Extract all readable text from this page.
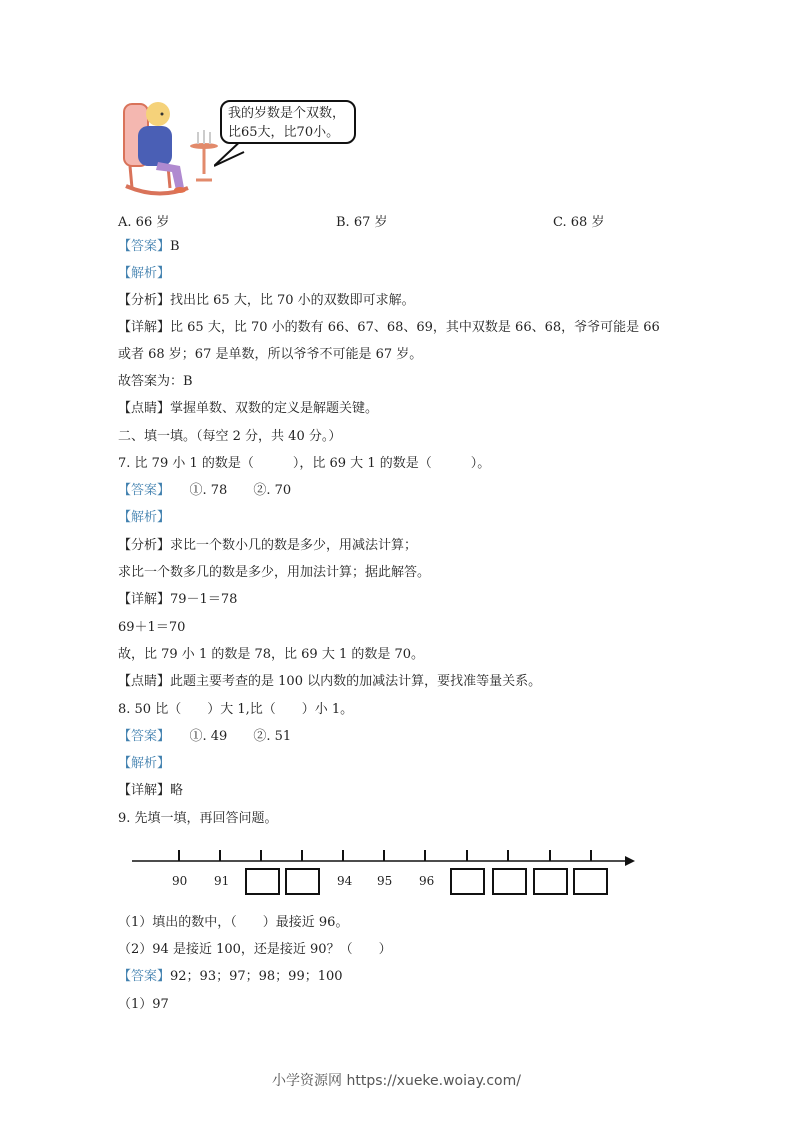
我的岁数是个双数，
比65大，比70小。
A. 66 岁	B. 67 岁	C. 68 岁
【答案】B
【解析】
【分析】找出比 65 大，比 70 小的双数即可求解。
【详解】比 65 大，比 70 小的数有 66、67、68、69，其中双数是 66、68，爷爷可能是 66
或者 68 岁；67 是单数，所以爷爷不可能是 67 岁。
故答案为：B
【点睛】掌握单数、双数的定义是解题关键。
二、填一填。（每空 2 分，共 40 分。）
7. 比 79 小 1 的数是（　　　），比 69 大 1 的数是（　　　）。
【答案】　　①. 78　　②. 70
【解析】
【分析】求比一个数小几的数是多少，用减法计算；
求比一个数多几的数是多少，用加法计算；据此解答。
【详解】79－1＝78
69＋1＝70
故，比 79 小 1 的数是 78，比 69 大 1 的数是 70。
【点睛】此题主要考查的是 100 以内数的加减法计算，要找准等量关系。
8. 50 比（　　）大 1,比（　　）小 1。
【答案】　　①. 49　　②. 51
【解析】
【详解】略
9. 先填一填，再回答问题。
90 91	94 95 96
（1）填出的数中，（　　）最接近 96。
（2）94 是接近 100，还是接近 90？（　　）
【答案】92；93；97；98；99；100
（1）97
小学资源网 https://xueke.woiay.com/
